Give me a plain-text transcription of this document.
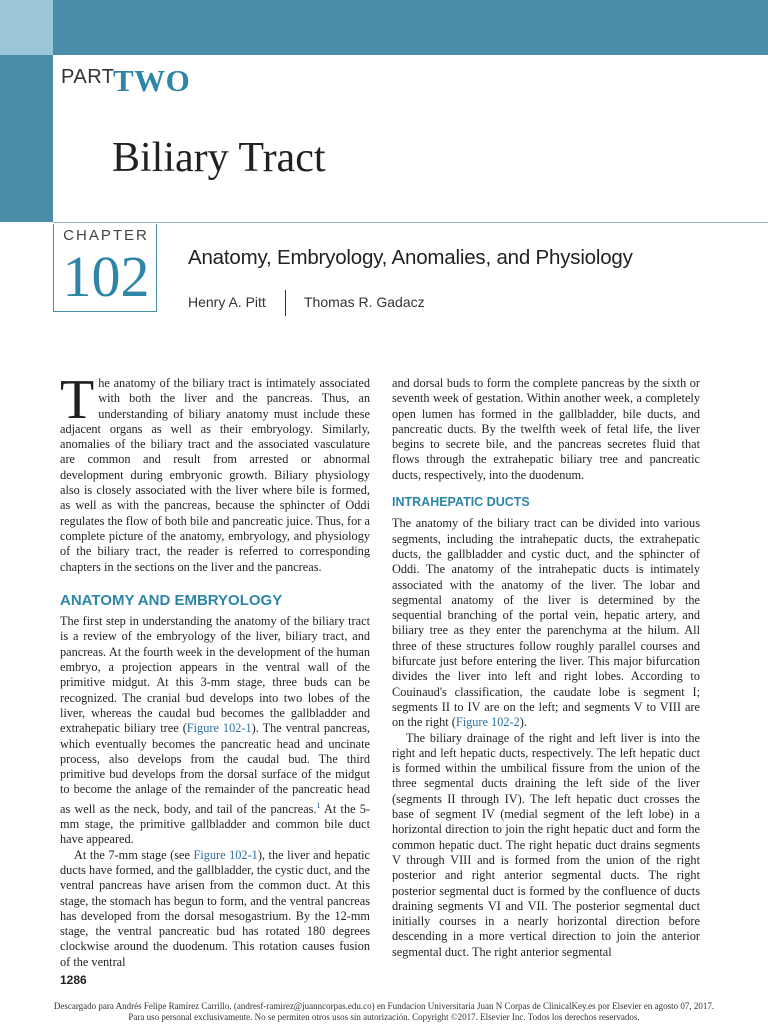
PART
TWO
Biliary Tract
CHAPTER
102	Anatomy, Embryology, Anomalies, and Physiology
Henry A. Pitt	Thomas R. Gadacz

The anatomy of the biliary tract is intimately associated with both the liver and the pancreas. Thus, an understanding of biliary anatomy must include these adjacent organs as well as their embryology. Similarly, anomalies of the biliary tract and the associated vasculature are common and result from arrested or abnormal development during embryonic growth. Biliary physiology also is closely associated with the liver where bile is formed, as well as with the pancreas, because the sphincter of Oddi regulates the flow of both bile and pancreatic juice. Thus, for a complete picture of the anatomy, embryology, and physiology of the biliary tract, the reader is referred to corresponding chapters in the sections on the liver and the pancreas.

ANATOMY AND EMBRYOLOGY

The first step in understanding the anatomy of the biliary tract is a review of the embryology of the liver, biliary tract, and pancreas. At the fourth week in the development of the human embryo, a projection appears in the ventral wall of the primitive midgut. At this 3-mm stage, three buds can be recognized. The cranial bud develops into two lobes of the liver, whereas the caudal bud becomes the gallbladder and extrahepatic biliary tree (Figure 102-1). The ventral pancreas, which eventually becomes the pancreatic head and uncinate process, also develops from the caudal bud. The third primitive bud develops from the dorsal surface of the midgut to become the anlage of the remainder of the pancreatic head as well as the neck, body, and tail of the pancreas.$^1$ At the 5-mm stage, the primitive gallbladder and common bile duct have appeared.

At the 7-mm stage (see Figure 102-1), the liver and hepatic ducts have formed, and the gallbladder, the cystic duct, and the ventral pancreas have arisen from the common duct. At this stage, the stomach has begun to form, and the ventral pancreas has developed from the dorsal mesogastrium. By the 12-mm stage, the ventral pancreatic bud has rotated 180 degrees clockwise around the duodenum. This rotation causes fusion of the ventral

and dorsal buds to form the complete pancreas by the sixth or seventh week of gestation. Within another week, a completely open lumen has formed in the gallbladder, bile ducts, and pancreatic ducts. By the twelfth week of fetal life, the liver begins to secrete bile, and the pancreas secretes fluid that flows through the extrahepatic biliary tree and pancreatic ducts, respectively, into the duodenum.

INTRAHEPATIC DUCTS

The anatomy of the biliary tract can be divided into various segments, including the intrahepatic ducts, the extrahepatic ducts, the gallbladder and cystic duct, and the sphincter of Oddi. The anatomy of the intrahepatic ducts is intimately associated with the anatomy of the liver. The lobar and segmental anatomy of the liver is determined by the sequential branching of the portal vein, hepatic artery, and biliary tree as they enter the parenchyma at the hilum. All three of these structures follow roughly parallel courses and bifurcate just before entering the liver. This major bifurcation divides the liver into left and right lobes. According to Couinaud's classification, the caudate lobe is segment I; segments II to IV are on the left; and segments V to VIII are on the right (Figure 102-2).

The biliary drainage of the right and left liver is into the right and left hepatic ducts, respectively. The left hepatic duct is formed within the umbilical fissure from the union of the three segmental ducts draining the left side of the liver (segments II through IV). The left hepatic duct crosses the base of segment IV (medial segment of the left lobe) in a horizontal direction to join the right hepatic duct and form the common hepatic duct. The right hepatic duct drains segments V through VIII and is formed from the union of the right posterior and right anterior segmental ducts. The right posterior segmental duct is formed by the confluence of ducts draining segments VI and VII. The posterior segmental duct initially courses in a nearly horizontal direction before descending in a more vertical direction to join the anterior segmental duct. The right anterior segmental

1286
Descargado para Andrés Felipe Ramírez Carrillo. (andresf-ramirez@juanncorpas.edu.co) en Fundacion Universitaria Juan N Corpas de ClinicalKey.es por Elsevier en agosto 07, 2017.
Para uso personal exclusivamente. No se permiten otros usos sin autorización. Copyright ©2017. Elsevier Inc. Todos los derechos reservados.
